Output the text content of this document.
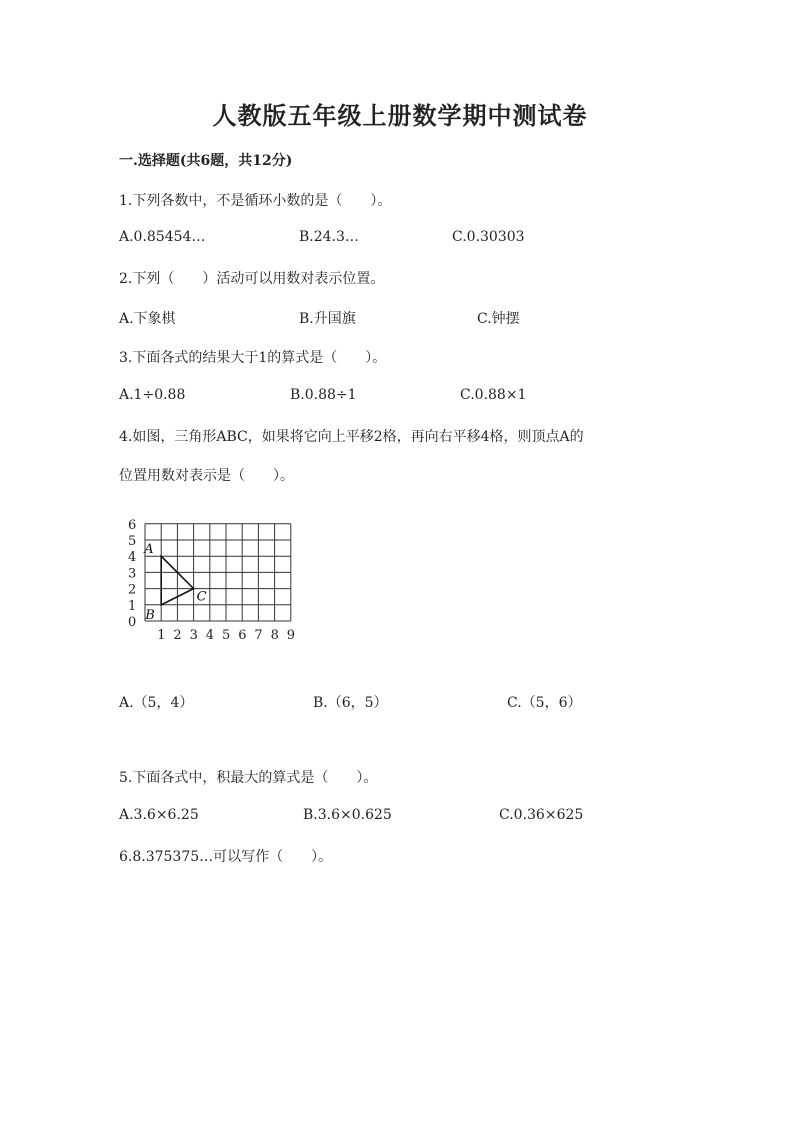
人教版五年级上册数学期中测试卷
一.选择题(共6题，共12分)
1.下列各数中，不是循环小数的是（　　）。
A.0.85454…	B.24.3…	C.0.30303
2.下列（　　）活动可以用数对表示位置。
A.下象棋	B.升国旗	C.钟摆
3.下面各式的结果大于1的算式是（　　）。
A.1÷0.88	B.0.88÷1	C.0.88×1
4.如图，三角形ABC，如果将它向上平移2格，再向右平移4格，则顶点A的
位置用数对表示是（　　）。
0
1
2
3
4
5
6
1 2 3 4 5 6 7 8 9
A
B
C
A.（5，4）	B.（6，5）	C.（5，6）
5.下面各式中，积最大的算式是（　　）。
A.3.6×6.25	B.3.6×0.625	C.0.36×625
6.8.375375…可以写作（　　）。
